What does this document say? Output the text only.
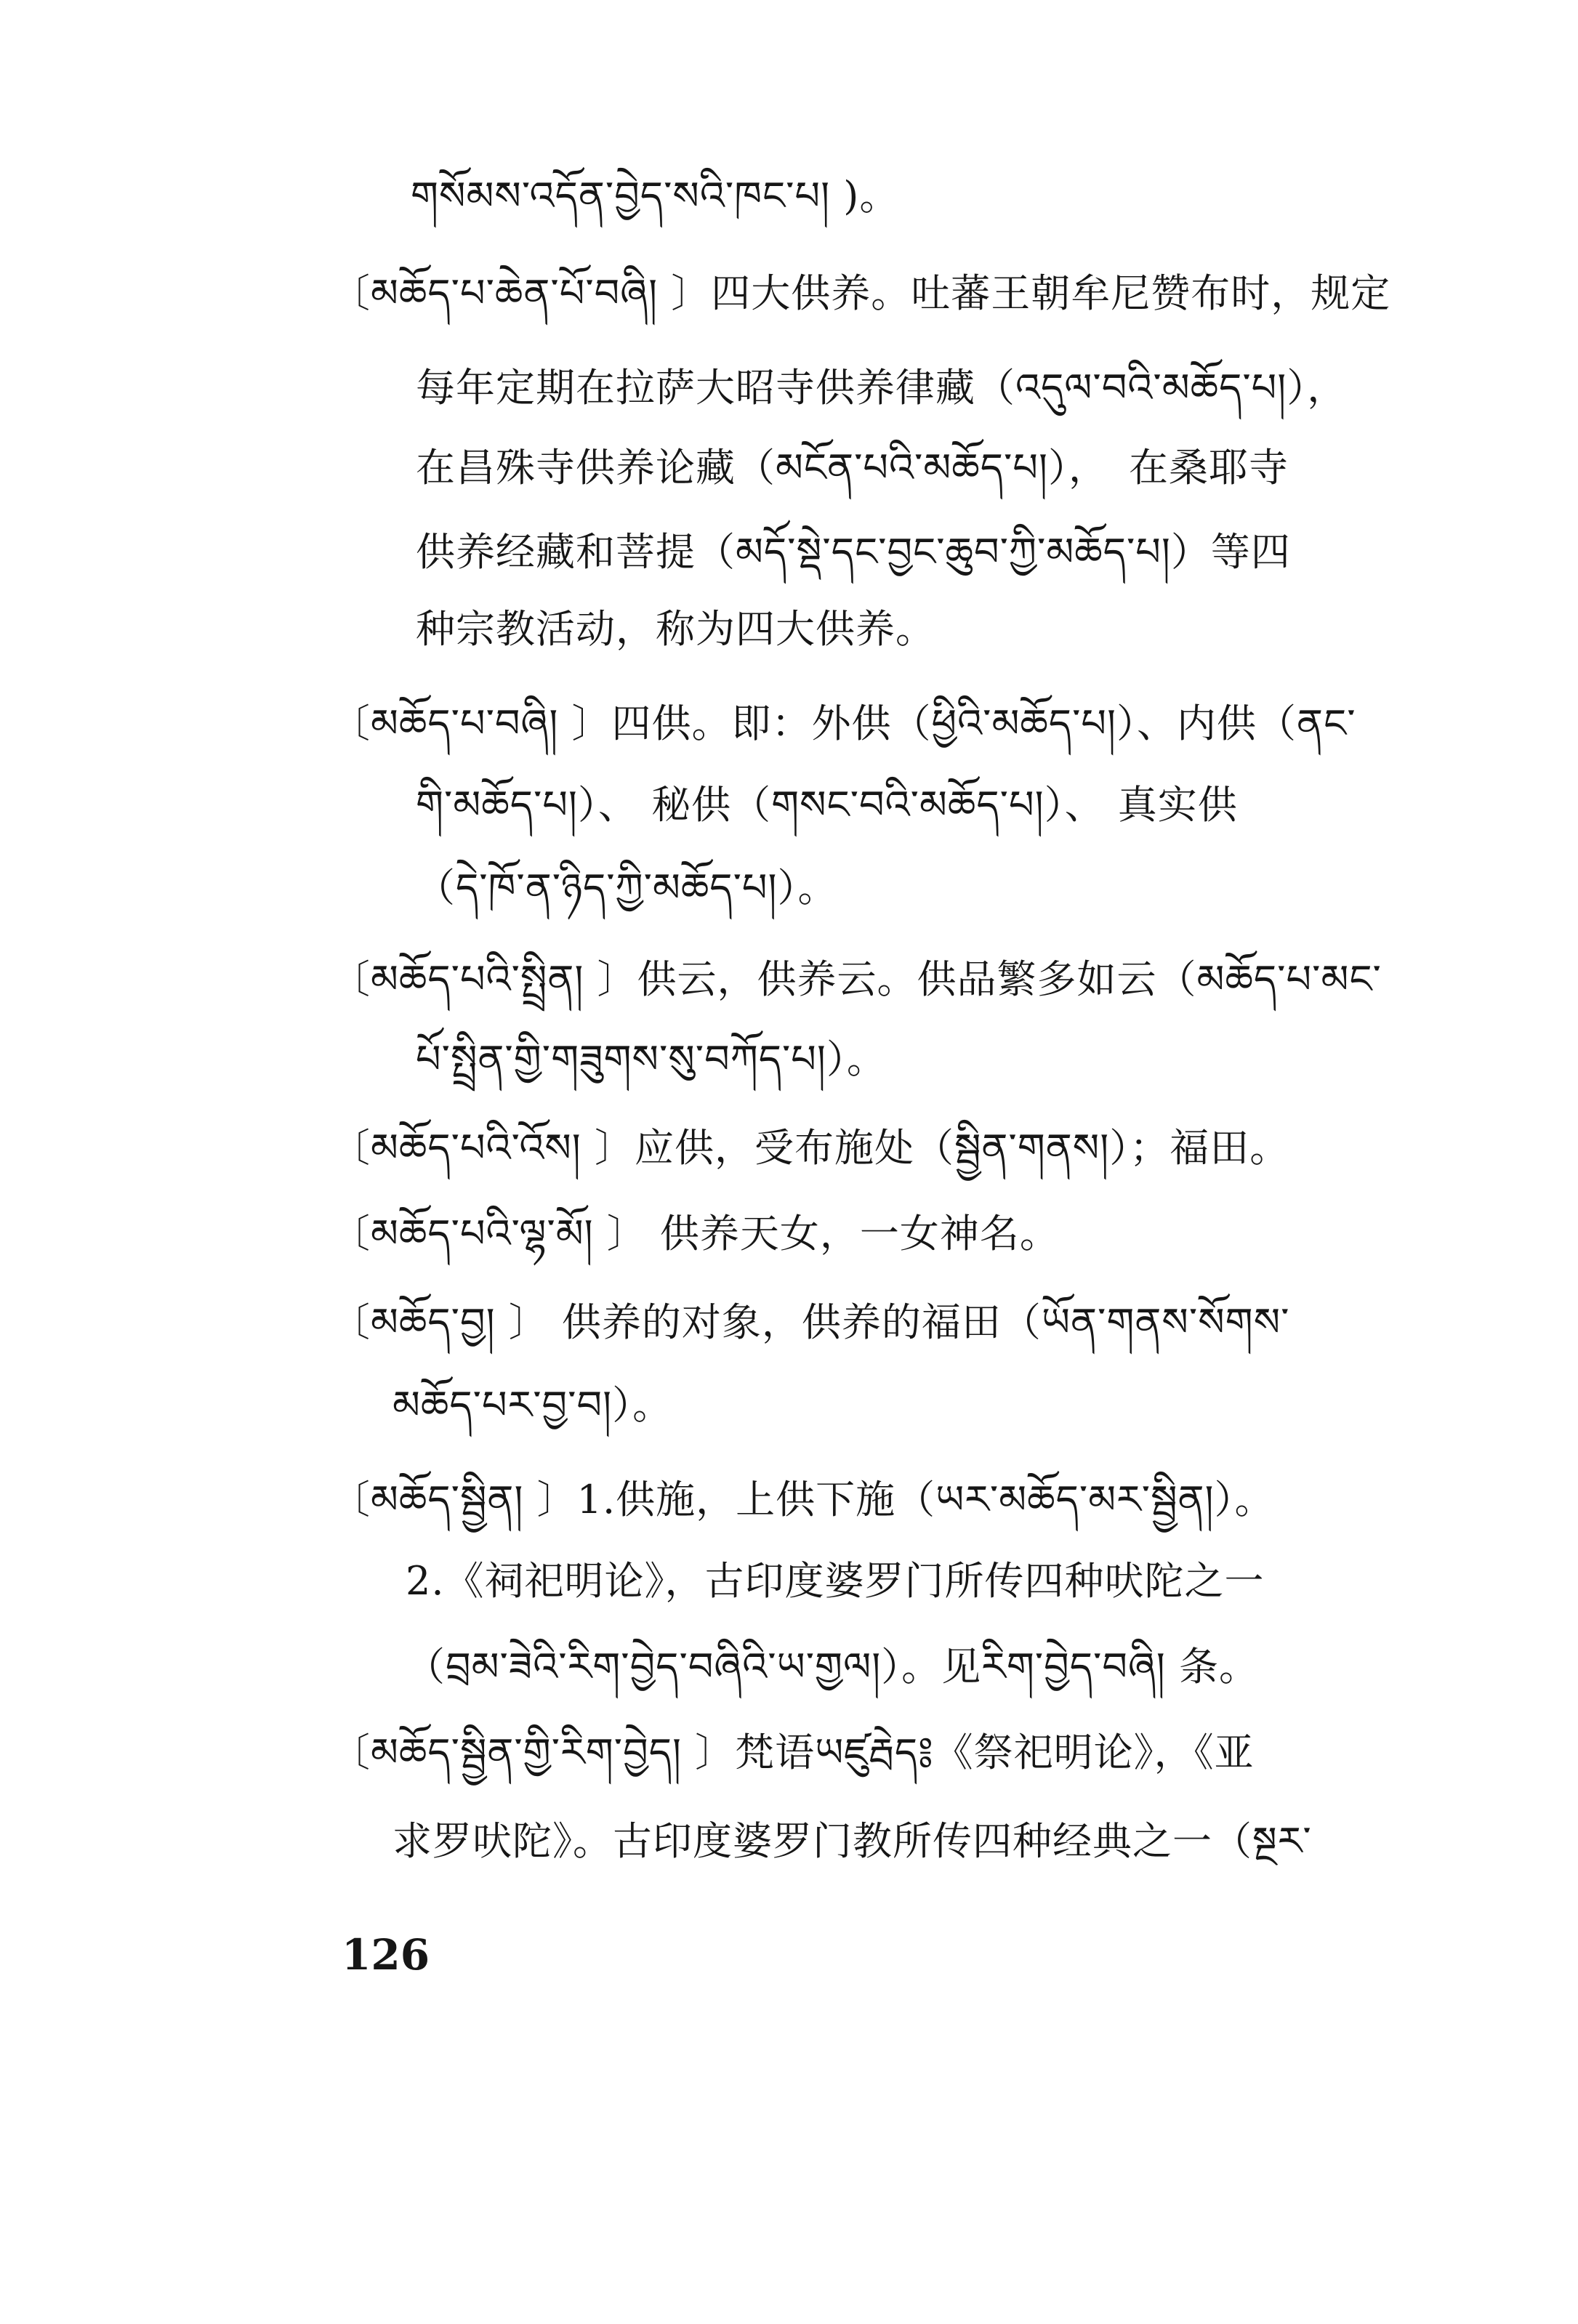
གསོམས་འདོན་བྱེད་སའི་ཁང་པ། )。
〔མཆོད་པ་ཆེན་པོ་བཞི། 〕四大供养。吐蕃王朝牟尼赞布时，规定
每年定期在拉萨大昭寺供养律藏（འདུལ་བའི་མཆོད་པ།），
在昌殊寺供养论藏（མངོན་པའི་མཆོད་པ།），　在桑耶寺
供养经藏和菩提（མདོ་སྡེ་དང་བྱང་ཆུབ་ཀྱི་མཆོད་པ།）等四
种宗教活动，称为四大供养。
〔མཆོད་པ་བཞི། 〕四供。即：外供（ཕྱིའི་མཆོད་པ།）、内供（ནང་
གི་མཆོད་པ།）、 秘供（གསང་བའི་མཆོད་པ།）、 真实供
（དེ་ཁོ་ན་ཉིད་ཀྱི་མཆོད་པ།）。
〔མཆོད་པའི་སྤྲིན། 〕供云，供养云。供品繁多如云（མཆོད་པ་མང་
པོ་སྤྲིན་གྱི་གཟུགས་སུ་བཀོད་པ།）。
〔མཆོད་པའི་འོས། 〕应供，受布施处（སྦྱིན་གནས།）；福田。
〔མཆོད་པའི་ལྷ་མོ། 〕 供养天女，一女神名。
〔མཆོད་བྱ། 〕 供养的对象，供养的福田（ཡོན་གནས་སོགས་
མཆོད་པར་བྱ་བ།）。
〔མཆོད་སྦྱིན། 〕1.供施，上供下施（ཡར་མཆོད་མར་སྦྱིན།）。
2.《祠祀明论》，古印度婆罗门所传四种吠陀之一
（བྲམ་ཟེའི་རིག་བྱེད་བཞིའི་ཡ་གྱལ།）。见རིག་བྱེད་བཞི། 条。
〔མཆོད་སྦྱིན་གྱི་རིག་བྱེད། 〕梵语ཡཛུརྦེད༔《祭祀明论》，《亚
求罗吠陀》。古印度婆罗门教所传四种经典之一（སྔར་
126
